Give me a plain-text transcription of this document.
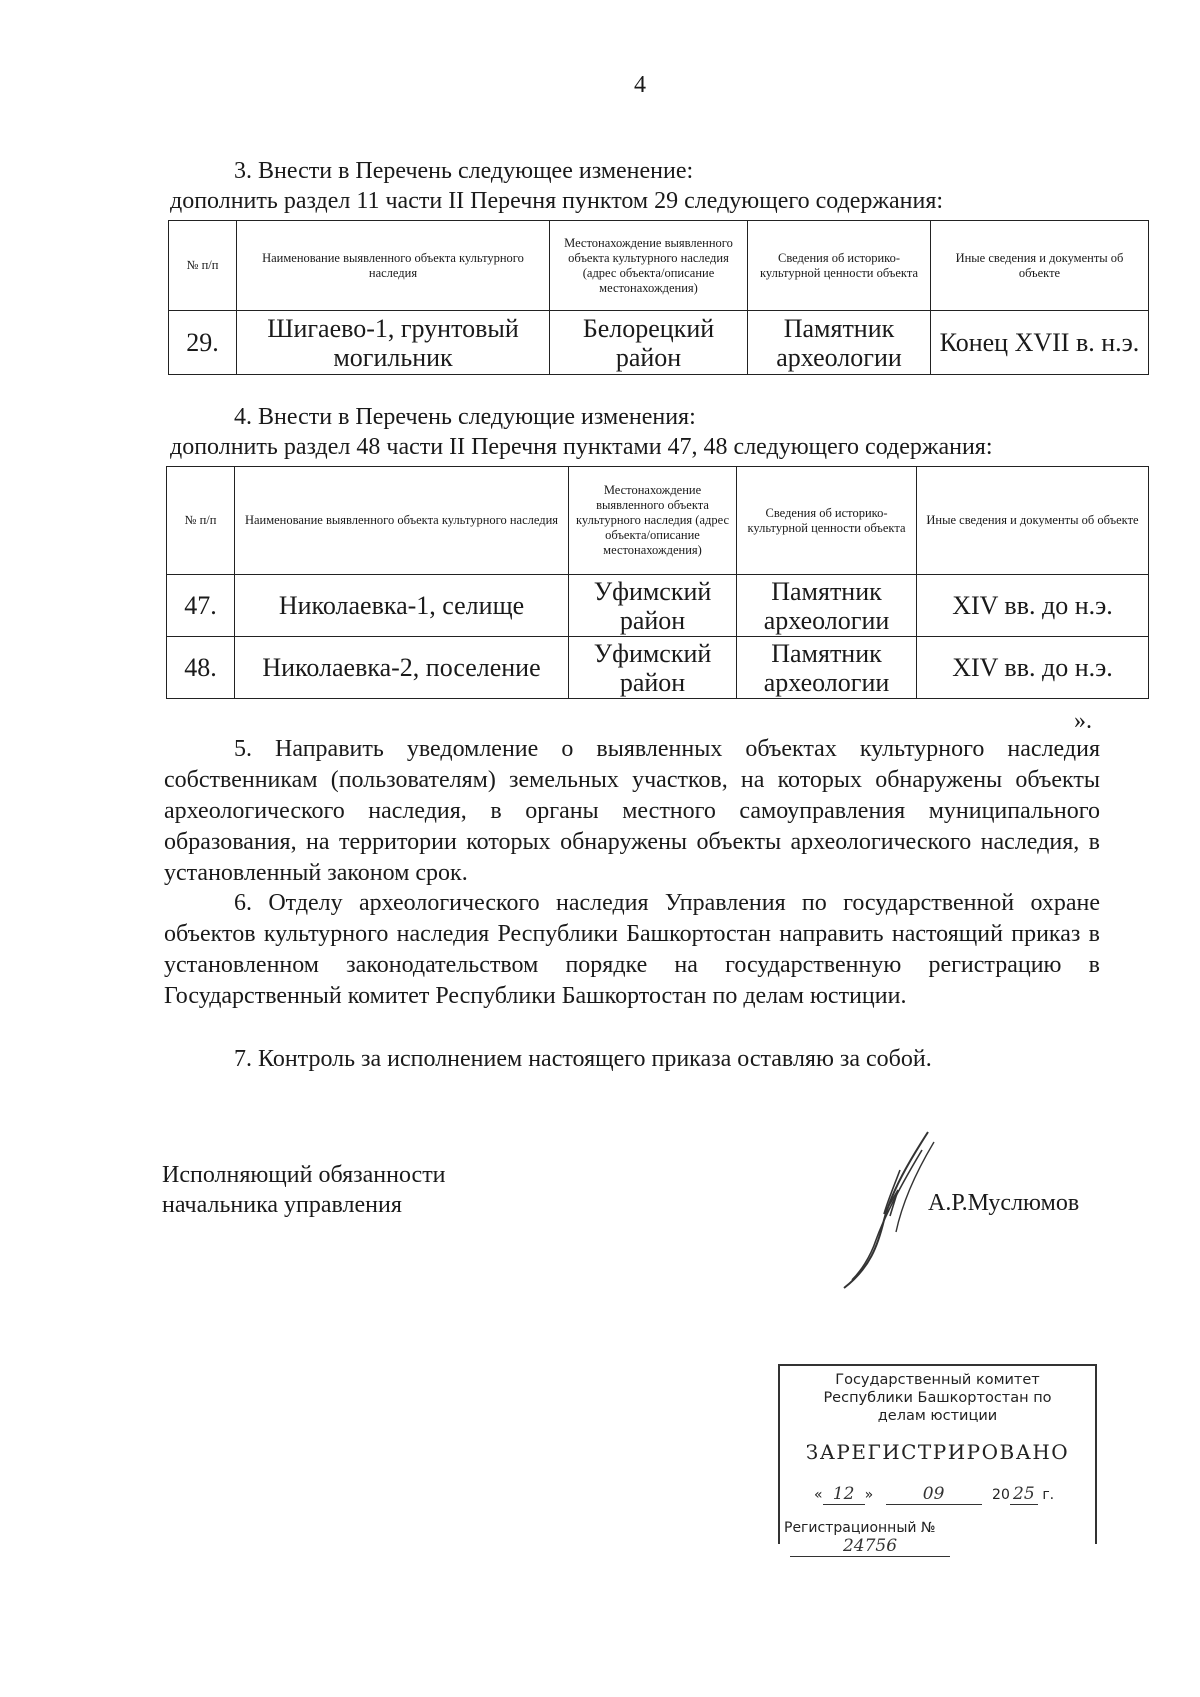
4
3. Внести в Перечень следующее изменение:
дополнить раздел 11 части II Перечня пунктом 29 следующего содержания:
№ п/п	Наименование выявленного объекта культурного наследия	Местонахождение выявленного объекта культурного наследия (адрес объекта/описание местонахождения)	Сведения об историко-культурной ценности объекта	Иные сведения и документы об объекте
29.	Шигаево-1, грунтовый могильник	Белорецкий район	Памятник археологии	Конец XVII в. н.э.
4. Внести в Перечень следующие изменения:
дополнить раздел 48 части II Перечня пунктами 47, 48 следующего содержания:
№ п/п	Наименование выявленного объекта культурного наследия	Местонахождение выявленного объекта культурного наследия (адрес объекта/описание местонахождения)	Сведения об историко-культурной ценности объекта	Иные сведения и документы об объекте
47.	Николаевка-1, селище	Уфимский район	Памятник археологии	XIV вв. до н.э.
48.	Николаевка-2, поселение	Уфимский район	Памятник археологии	XIV вв. до н.э.
».

5. Направить уведомление о выявленных объектах культурного наследия собственникам (пользователям) земельных участков, на которых обнаружены объекты археологического наследия, в органы местного самоуправления муниципального образования, на территории которых обнаружены объекты археологического наследия, в установленный законом срок.

6. Отделу археологического наследия Управления по государственной охране объектов культурного наследия Республики Башкортостан направить настоящий приказ в установленном законодательством порядке на государственную регистрацию в Государственный комитет Республики Башкортостан по делам юстиции.

7. Контроль за исполнением настоящего приказа оставляю за собой.
Исполняющий обязанности начальника управления	А.Р.Муслюмов
Государственный комитет Республики Башкортостан по делам юстиции
ЗАРЕГИСТРИРОВАНО
« 12 »	09	20 25 г.
Регистрационный № 24756
